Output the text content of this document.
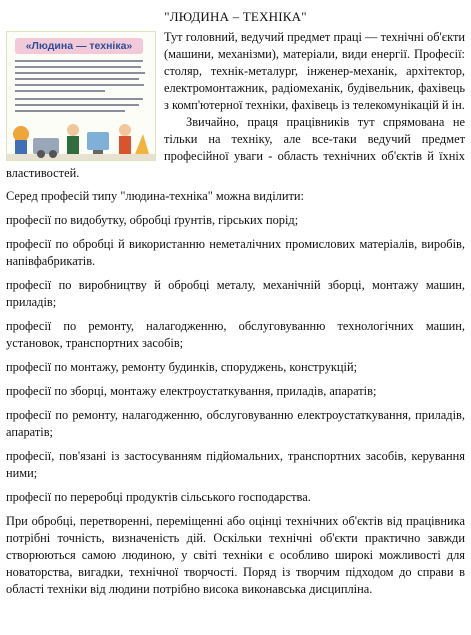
"ЛЮДИНА – ТЕХНІКА"
«Людина — техніка»
Тут головний, ведучий предмет праці — технічні об'єкти (машини, механізми), матеріали, види енергії. Професії: столяр, технік-металург, інженер-механік, архітектор, електромонтажник, радіомеханік, будівельник, фахівець з комп'ютерної техніки, фахівець із телекомунікацій й ін.
Звичайно, праця працівників тут спрямована не тільки на техніку, але все-таки ведучий предмет професійної уваги - область технічних об'єктів й їхніх властивостей.

Серед професій типу "людина-техніка" можна виділити:

професії по видобутку, обробці ґрунтів, гірських порід;

професії по обробці й використанню неметалічних промислових матеріалів, виробів, напівфабрикатів.

професії по виробництву й обробці металу, механічній зборці, монтажу машин, приладів;

професії по ремонту, налагодженню, обслуговуванню технологічних машин, установок, транспортних засобів;

професії по монтажу, ремонту будинків, споруджень, конструкцій;

професії по зборці, монтажу електроустаткування, приладів, апаратів;

професії по ремонту, налагодженню, обслуговуванню електроустаткування, приладів, апаратів;

професії, пов'язані із застосуванням підйомальних, транспортних засобів, керування ними;

професії по переробці продуктів сільського господарства.

При обробці, перетворенні, переміщенні або оцінці технічних об'єктів від працівника потрібні точність, визначеність дій. Оскільки технічні об'єкти практично завжди створюються самою людиною, у світі техніки є особливо широкі можливості для новаторства, вигадки, технічної творчості. Поряд із творчим підходом до справи в області техніки від людини потрібно висока виконавська дисципліна.
